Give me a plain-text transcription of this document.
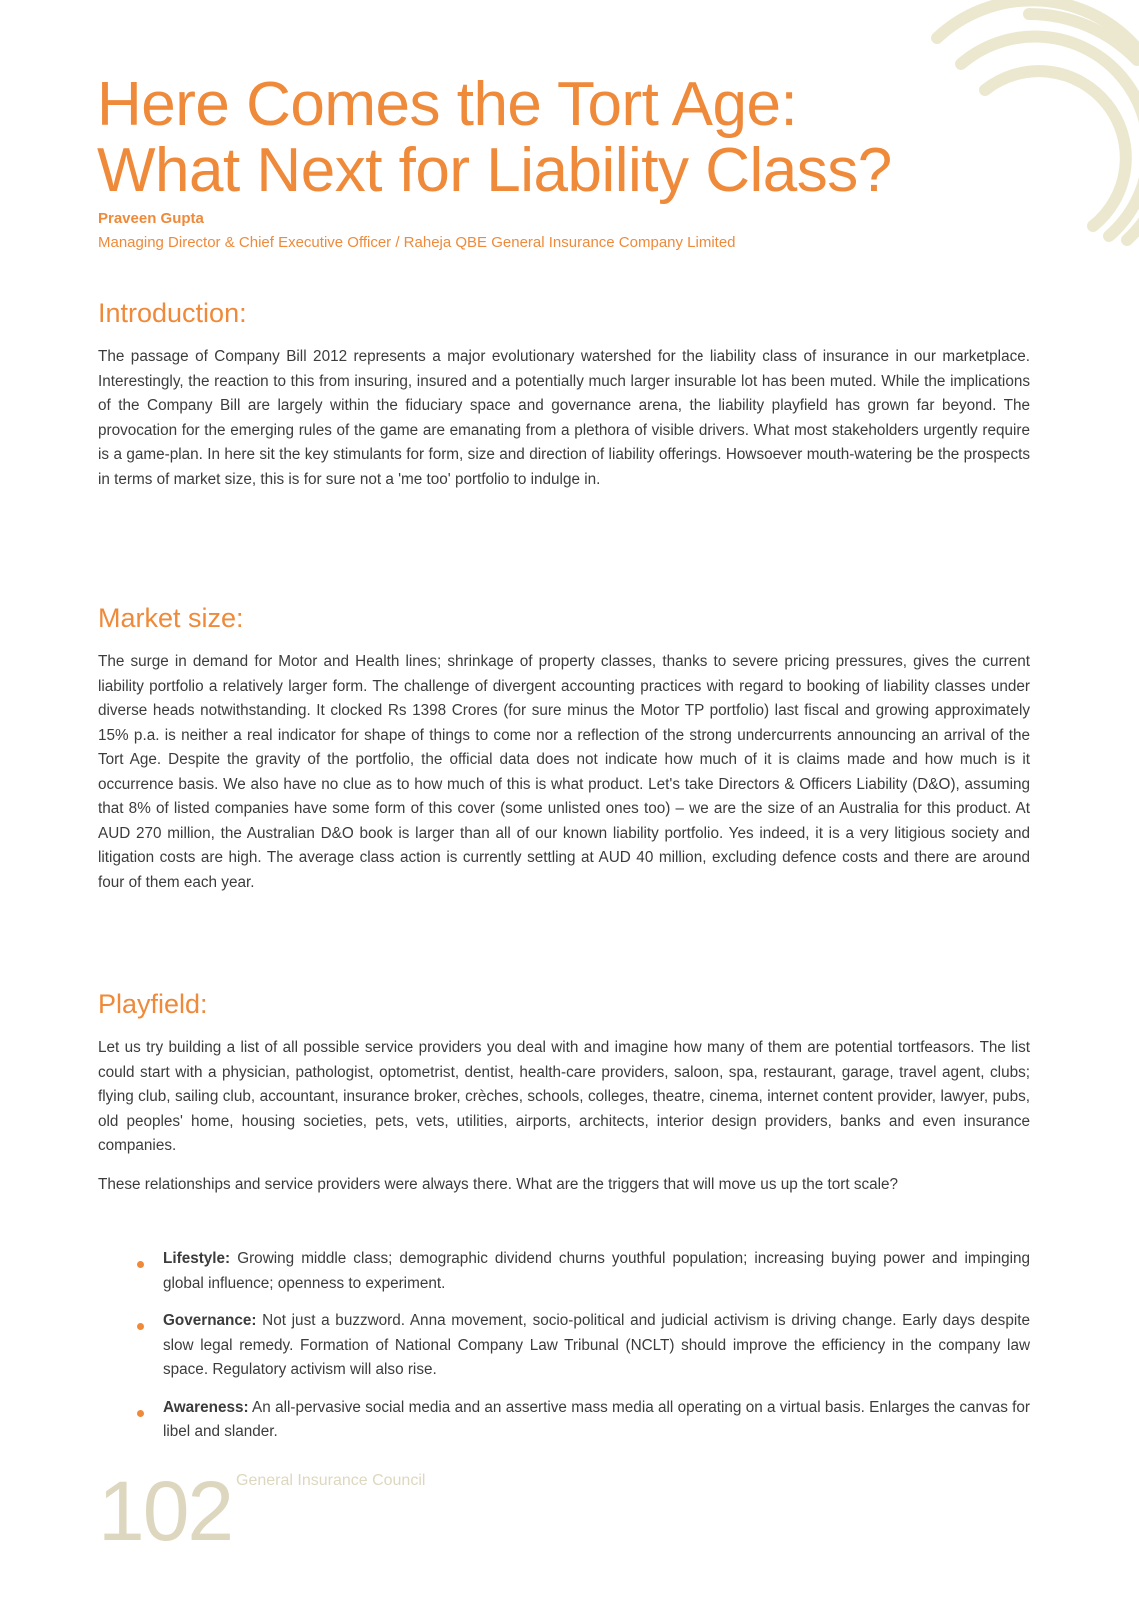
Here Comes the Tort Age:
What Next for Liability Class?
Praveen Gupta
Managing Director & Chief Executive Officer / Raheja QBE General Insurance Company Limited
Introduction:

The passage of Company Bill 2012 represents a major evolutionary watershed for the liability class of insurance in our marketplace. Interestingly, the reaction to this from insuring, insured and a potentially much larger insurable lot has been muted. While the implications of the Company Bill are largely within the fiduciary space and governance arena, the liability playfield has grown far beyond. The provocation for the emerging rules of the game are emanating from a plethora of visible drivers. What most stakeholders urgently require is a game-plan. In here sit the key stimulants for form, size and direction of liability offerings. Howsoever mouth-watering be the prospects in terms of market size, this is for sure not a 'me too' portfolio to indulge in.

Market size:

The surge in demand for Motor and Health lines; shrinkage of property classes, thanks to severe pricing pressures, gives the current liability portfolio a relatively larger form. The challenge of divergent accounting practices with regard to booking of liability classes under diverse heads notwithstanding. It clocked Rs 1398 Crores (for sure minus the Motor TP portfolio) last fiscal and growing approximately 15% p.a. is neither a real indicator for shape of things to come nor a reflection of the strong undercurrents announcing an arrival of the Tort Age. Despite the gravity of the portfolio, the official data does not indicate how much of it is claims made and how much is it occurrence basis. We also have no clue as to how much of this is what product. Let's take Directors & Officers Liability (D&O), assuming that 8% of listed companies have some form of this cover (some unlisted ones too) – we are the size of an Australia for this product. At AUD 270 million, the Australian D&O book is larger than all of our known liability portfolio. Yes indeed, it is a very litigious society and litigation costs are high. The average class action is currently settling at AUD 40 million, excluding defence costs and there are around four of them each year.

Playfield:

Let us try building a list of all possible service providers you deal with and imagine how many of them are potential tortfeasors. The list could start with a physician, pathologist, optometrist, dentist, health-care providers, saloon, spa, restaurant, garage, travel agent, clubs; flying club, sailing club, accountant, insurance broker, crèches, schools, colleges, theatre, cinema, internet content provider, lawyer, pubs, old peoples' home, housing societies, pets, vets, utilities, airports, architects, interior design providers, banks and even insurance companies.

These relationships and service providers were always there. What are the triggers that will move us up the tort scale?

Lifestyle: Growing middle class; demographic dividend churns youthful population; increasing buying power and impinging global influence; openness to experiment.
Governance: Not just a buzzword. Anna movement, socio-political and judicial activism is driving change. Early days despite slow legal remedy. Formation of National Company Law Tribunal (NCLT) should improve the efficiency in the company law space. Regulatory activism will also rise.
Awareness: An all-pervasive social media and an assertive mass media all operating on a virtual basis. Enlarges the canvas for libel and slander.
102 General Insurance Council
